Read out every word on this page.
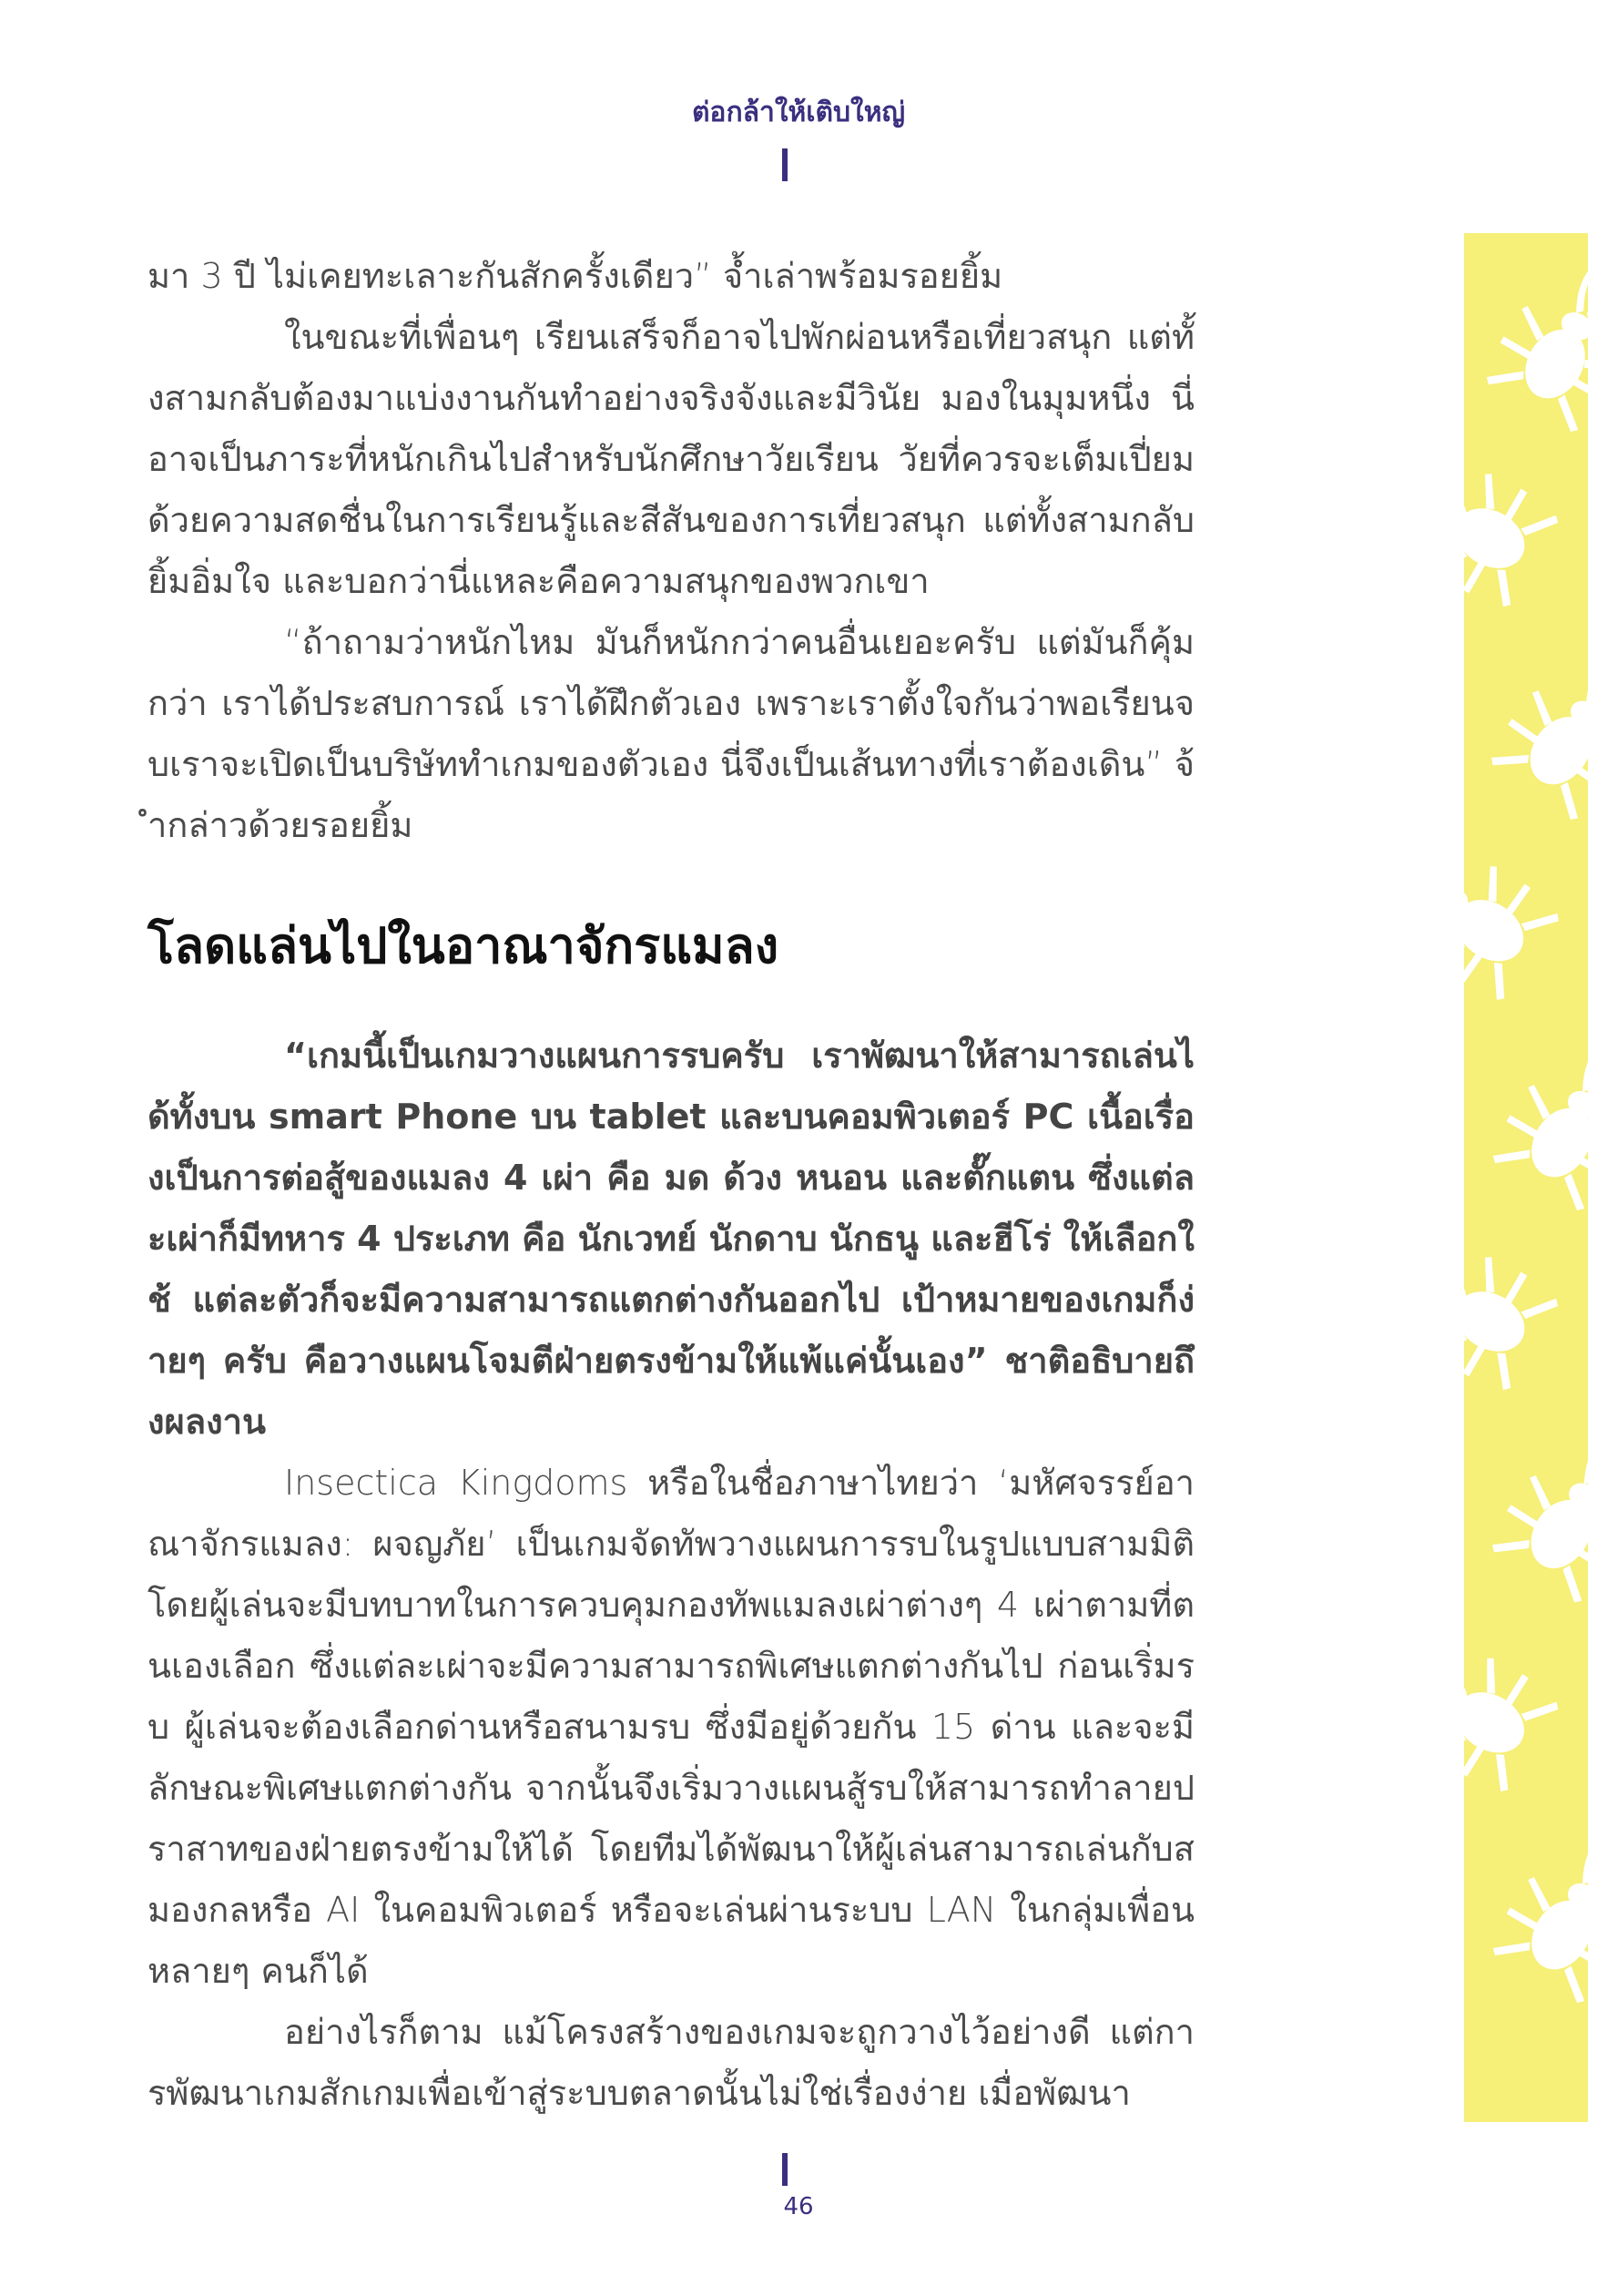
ต่อกล้าให้เติบใหญ่

มา 3 ปี ไม่เคยทะเลาะกันสักครั้งเดียว” จ้ำเล่าพร้อมรอยยิ้ม

ในขณะที่เพื่อนๆ เรียนเสร็จก็อาจไปพักผ่อนหรือเที่ยวสนุก แต่ทั้งสามกลับต้องมาแบ่งงานกันทำอย่างจริงจังและมีวินัย มองในมุมหนึ่ง นี่อาจเป็นภาระที่หนักเกินไปสำหรับนักศึกษาวัยเรียน วัยที่ควรจะเต็มเปี่ยมด้วยความสดชื่นในการเรียนรู้และสีสันของการเที่ยวสนุก แต่ทั้งสามกลับยิ้มอิ่มใจ และบอกว่านี่แหละคือความสนุกของพวกเขา

“ถ้าถามว่าหนักไหม มันก็หนักกว่าคนอื่นเยอะครับ แต่มันก็คุ้มกว่า เราได้ประสบการณ์ เราได้ฝึกตัวเอง เพราะเราตั้งใจกันว่าพอเรียนจบเราจะเปิดเป็นบริษัททำเกมของตัวเอง นี่จึงเป็นเส้นทางที่เราต้องเดิน” จ้ำกล่าวด้วยรอยยิ้ม

โลดแล่นไปในอาณาจักรแมลง

“เกมนี้เป็นเกมวางแผนการรบครับ เราพัฒนาให้สามารถเล่นได้ทั้งบน smart Phone บน tablet และบนคอมพิวเตอร์ PC เนื้อเรื่องเป็นการต่อสู้ของแมลง 4 เผ่า คือ มด ด้วง หนอน และตั๊กแตน ซึ่งแต่ละเผ่าก็มีทหาร 4 ประเภท คือ นักเวทย์ นักดาบ นักธนู และฮีโร่ ให้เลือกใช้ แต่ละตัวก็จะมีความสามารถแตกต่างกันออกไป เป้าหมายของเกมก็ง่ายๆ ครับ คือวางแผนโจมตีฝ่ายตรงข้ามให้แพ้แค่นั้นเอง” ชาติอธิบายถึงผลงาน

Insectica Kingdoms หรือในชื่อภาษาไทยว่า ‘มหัศจรรย์อาณาจักรแมลง: ผจญภัย’ เป็นเกมจัดทัพวางแผนการรบในรูปแบบสามมิติ โดยผู้เล่นจะมีบทบาทในการควบคุมกองทัพแมลงเผ่าต่างๆ 4 เผ่าตามที่ตนเองเลือก ซึ่งแต่ละเผ่าจะมีความสามารถพิเศษแตกต่างกันไป ก่อนเริ่มรบ ผู้เล่นจะต้องเลือกด่านหรือสนามรบ ซึ่งมีอยู่ด้วยกัน 15 ด่าน และจะมีลักษณะพิเศษแตกต่างกัน จากนั้นจึงเริ่มวางแผนสู้รบให้สามารถทำลายปราสาทของฝ่ายตรงข้ามให้ได้ โดยทีมได้พัฒนาให้ผู้เล่นสามารถเล่นกับสมองกลหรือ AI ในคอมพิวเตอร์ หรือจะเล่นผ่านระบบ LAN ในกลุ่มเพื่อนหลายๆ คนก็ได้

อย่างไรก็ตาม แม้โครงสร้างของเกมจะถูกวางไว้อย่างดี แต่การพัฒนาเกมสักเกมเพื่อเข้าสู่ระบบตลาดนั้นไม่ใช่เรื่องง่าย เมื่อพัฒนา

46
